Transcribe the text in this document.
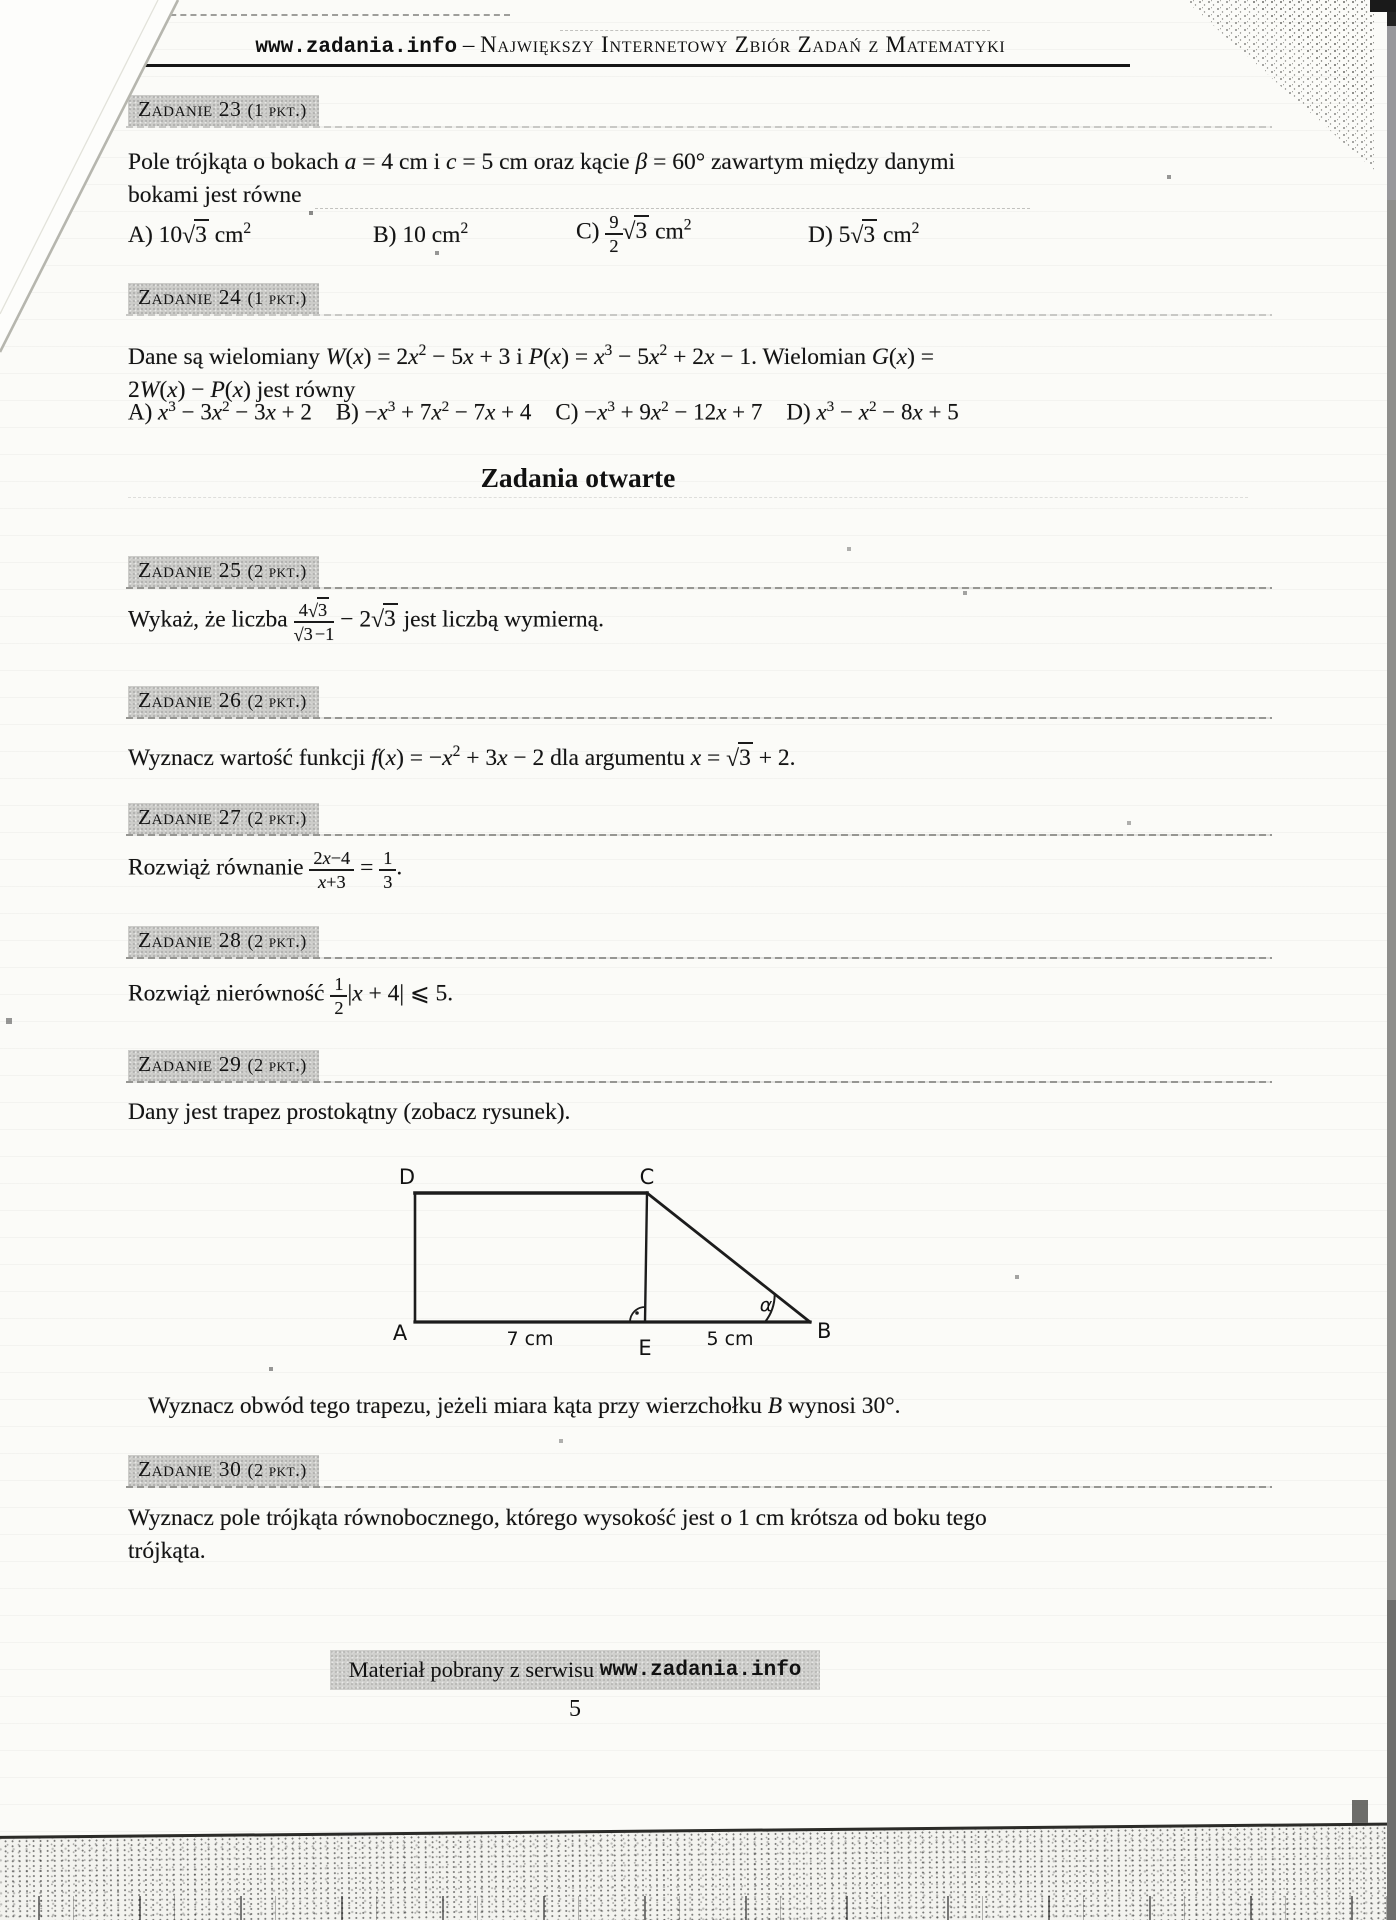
www.zadania.info – Największy Internetowy Zbiór Zadań z Matematyki
Zadanie 23 (1 pkt.)
Pole trójkąta o bokach a = 4 cm i c = 5 cm oraz kącie β = 60° zawartym między danymi
bokami jest równe
A) 10√3 $cm^2$	B) 10 $cm^2$	$C) \frac{9}{2} √3$ $cm^2$	D) 5√3 $cm^2$
Zadanie 24 (1 pkt.)
Dane są wielomiany $W(x) = 2x^2 - 5x + 3$ i $P(x) = x^3 - 5x^2 + 2x - 1$. Wielomian G(x) =
2W(x) − P(x) jest równy
A) $x^3 - 3x^2 - 3x + 2$ $B) -x^3 + 7x^2 - 7x + 4$ $C) -x^3 + 9x^2 - 12x + 7$ D) $x^3 - x^2 - 8x + 5$
Zadania otwarte
Zadanie 25 (2 pkt.)
Wykaż, że liczba $\frac{4√3}{√3 -1} - 2√3$ jest liczbą wymierną.
Zadanie 26 (2 pkt.)
Wyznacz wartość funkcji $f(x) = -x^2 + 3x - 2$ dla argumentu x = √3 + 2.
Zadanie 27 (2 pkt.)
Rozwiąż równanie $\frac{2x-4}{x+3} = \frac{1}{3}$ .
Zadanie 28 (2 pkt.)
Rozwiąż nierówność $\frac{1}{2} |x + 4|$ ⩽ 5.
Zadanie 29 (2 pkt.)
Dany jest trapez prostokątny (zobacz rysunek).
D	C
A
E
B
7 cm	5 cm
α
Wyznacz obwód tego trapezu, jeżeli miara kąta przy wierzchołku B wynosi 30°.
Zadanie 30 (2 pkt.)
Wyznacz pole trójkąta równobocznego, którego wysokość jest o 1 cm krótsza od boku tego
trójkąta.
Materiał pobrany z serwisu
www.zadania.info
5
